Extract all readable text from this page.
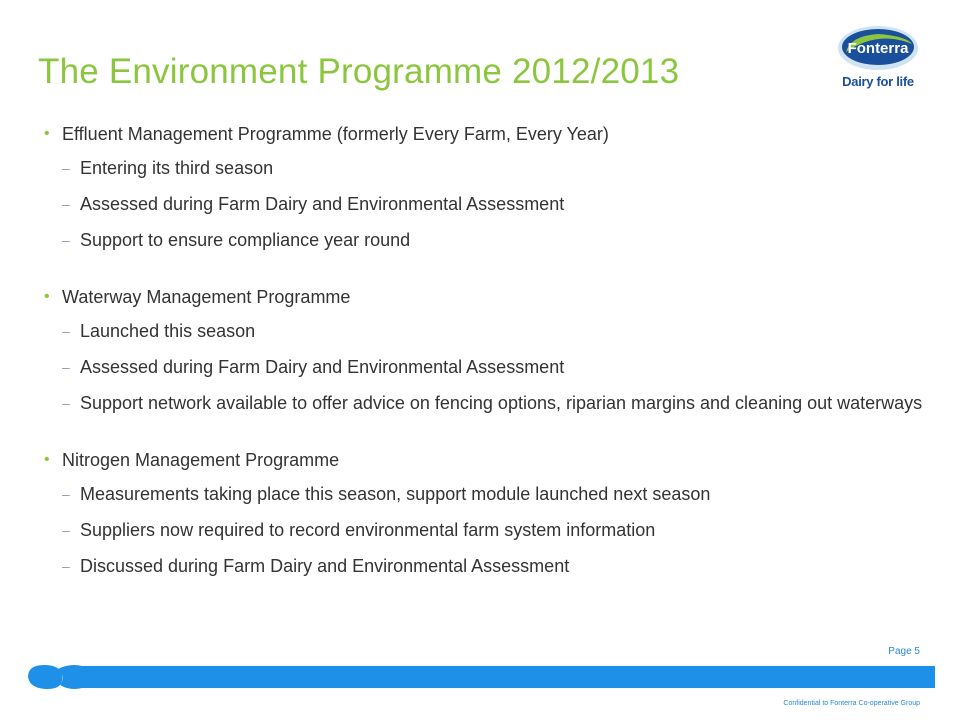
The Environment Programme 2012/2013
Fonterra
Dairy for life
• Effluent Management Programme (formerly Every Farm, Every Year)
– Entering its third season
– Assessed during Farm Dairy and Environmental Assessment
– Support to ensure compliance year round
• Waterway Management Programme
– Launched this season
– Assessed during Farm Dairy and Environmental Assessment
– Support network available to offer advice on fencing options, riparian margins and cleaning out waterways
• Nitrogen Management Programme
– Measurements taking place this season, support module launched next season
– Suppliers now required to record environmental farm system information
– Discussed during Farm Dairy and Environmental Assessment
Page 5
Confidential to Fonterra Co-operative Group
